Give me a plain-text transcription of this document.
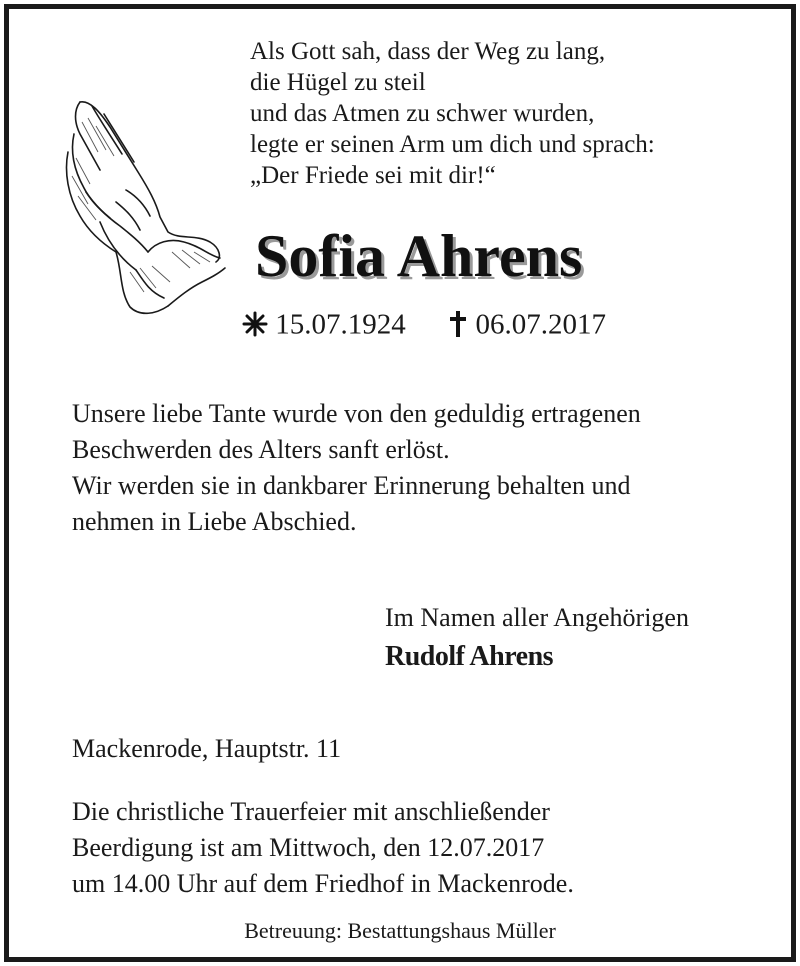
Als Gott sah, dass der Weg zu lang,
die Hügel zu steil
und das Atmen zu schwer wurden,
legte er seinen Arm um dich und sprach:
„Der Friede sei mit dir!“
Sofia Ahrens
15.07.1924 06.07.2017
Unsere liebe Tante wurde von den geduldig ertragenen
Beschwerden des Alters sanft erlöst.
Wir werden sie in dankbarer Erinnerung behalten und
nehmen in Liebe Abschied.
Im Namen aller Angehörigen
Rudolf Ahrens
Mackenrode, Hauptstr. 11
Die christliche Trauerfeier mit anschließender
Beerdigung ist am Mittwoch, den 12.07.2017
um 14.00 Uhr auf dem Friedhof in Mackenrode.
Betreuung: Bestattungshaus Müller
